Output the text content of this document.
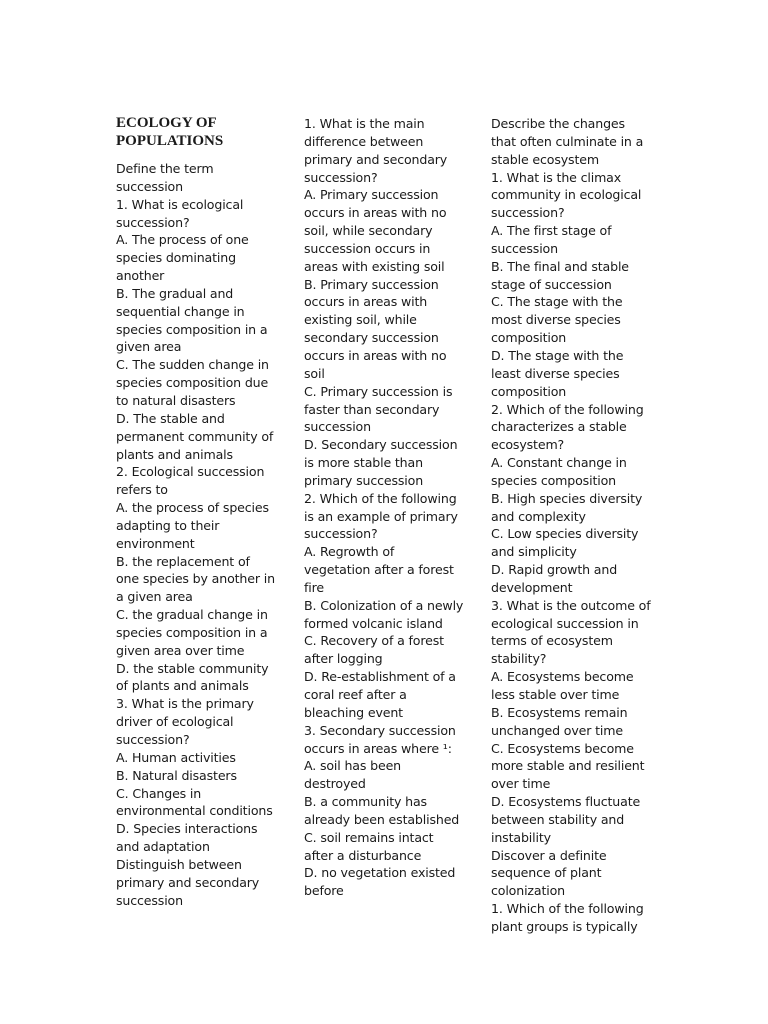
ECOLOGY OF
POPULATIONS
Define the term succession
1. What is ecological succession?
A. The process of one species dominating another
B. The gradual and sequential change in species composition in a given area
C. The sudden change in species composition due to natural disasters
D. The stable and permanent community of plants and animals
2. Ecological succession refers to
A. the process of species adapting to their environment
B. the replacement of one species by another in a given area
C. the gradual change in species composition in a given area over time
D. the stable community of plants and animals
3. What is the primary driver of ecological succession?
A. Human activities
B. Natural disasters
C. Changes in environmental conditions
D. Species interactions and adaptation
Distinguish between primary and secondary succession
1. What is the main difference between primary and secondary succession?
A. Primary succession occurs in areas with no soil, while secondary succession occurs in areas with existing soil
B. Primary succession occurs in areas with existing soil, while secondary succession occurs in areas with no soil
C. Primary succession is faster than secondary succession
D. Secondary succession is more stable than primary succession
2. Which of the following is an example of primary succession?
A. Regrowth of vegetation after a forest fire
B. Colonization of a newly formed volcanic island
C. Recovery of a forest after logging
D. Re-establishment of a coral reef after a bleaching event
3. Secondary succession occurs in areas where ¹:
A. soil has been destroyed
B. a community has already been established
C. soil remains intact after a disturbance
D. no vegetation existed before
Describe the changes that often culminate in a stable ecosystem
1. What is the climax community in ecological succession?
A. The first stage of succession
B. The final and stable stage of succession
C. The stage with the most diverse species composition
D. The stage with the least diverse species composition
2. Which of the following characterizes a stable ecosystem?
A. Constant change in species composition
B. High species diversity and complexity
C. Low species diversity and simplicity
D. Rapid growth and development
3. What is the outcome of ecological succession in terms of ecosystem stability?
A. Ecosystems become less stable over time
B. Ecosystems remain unchanged over time
C. Ecosystems become more stable and resilient over time
D. Ecosystems fluctuate between stability and instability
Discover a definite sequence of plant colonization
1. Which of the following plant groups is typically
